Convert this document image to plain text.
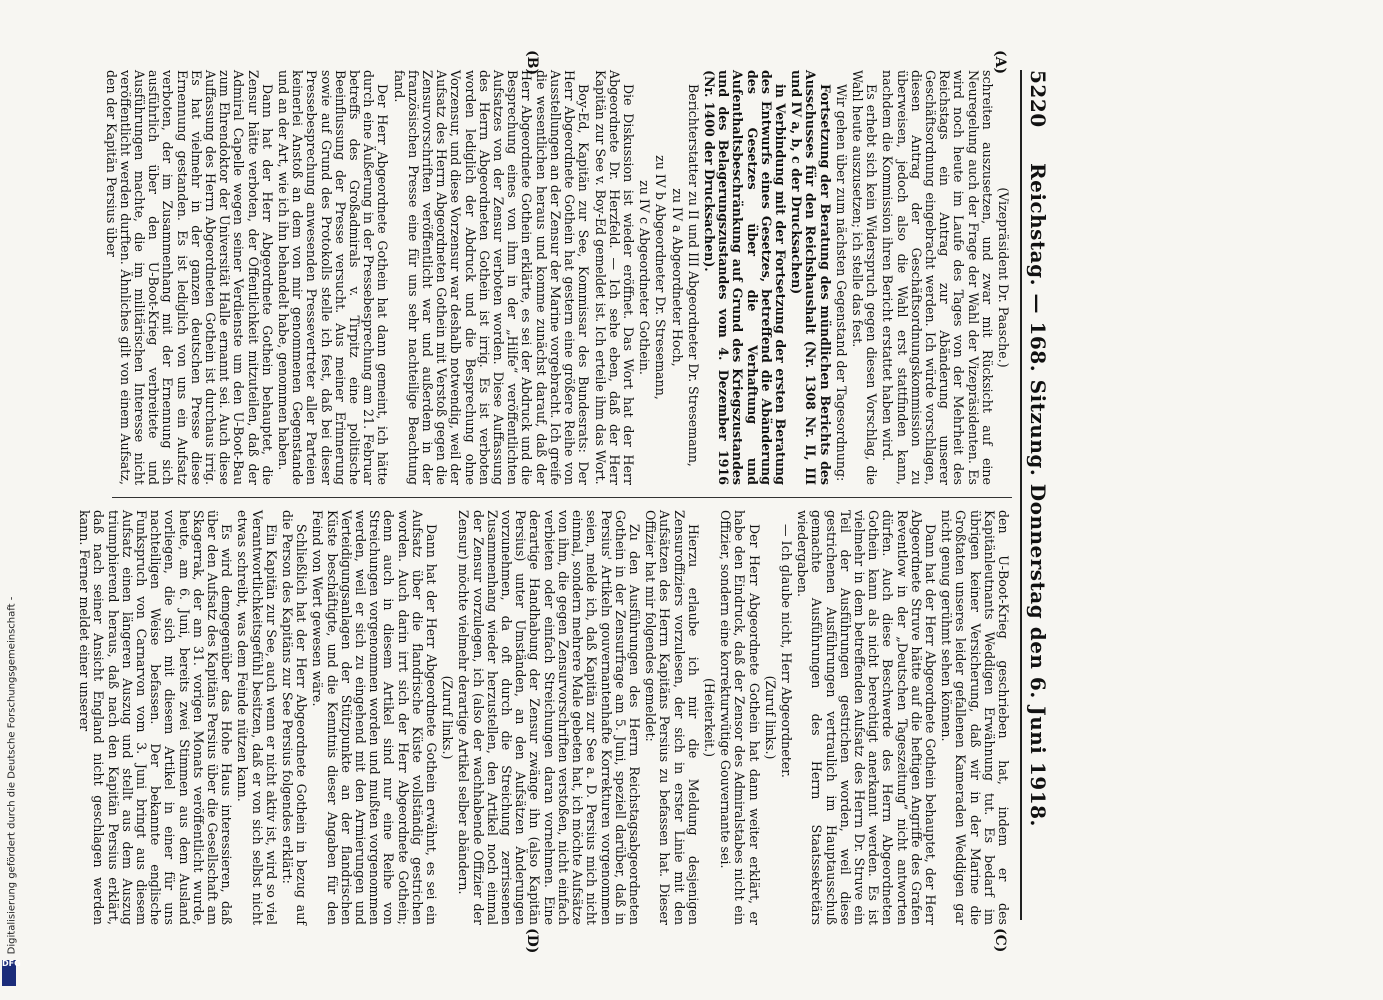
5220
Reichstag. — 168. Sitzung. Donnerstag den 6. Juni 1918.
(A)
(B)
(C)
(D)

(Vizepräsident Dr. Paasche.)

schreiten auszusetzen, und zwar mit Rücksicht auf eine Neuregelung auch der Frage der Wahl der Vizepräsidenten. Es wird noch heute im Laufe des Tages von der Mehrheit des Reichstags ein Antrag zur Abänderung unserer Geschäftsordnung eingebracht werden. Ich würde vorschlagen, diesen Antrag der Geschäftsordnungskommission zu überweisen, jedoch also die Wahl erst stattfinden kann, nachdem die Kommission ihren Bericht erstattet haben wird.

Es erhebt sich kein Widerspruch gegen diesen Vorschlag, die Wahl heute auszusetzen; ich stelle das fest.

Wir gehen über zum nächsten Gegenstand der Tagesordnung:

Fortsetzung der Beratung des mündlichen Berichts des Ausschusses für den Reichshaushalt (Nr. 1308 Nr. II, III und IV a, b, c der Drucksachen)

in Verbindung mit der Fortsetzung der ersten Beratung des Entwurfs eines Gesetzes, betreffend die Abänderung des Gesetzes über die Verhaftung und Aufenthaltsbeschränkung auf Grund des Kriegszustandes und des Belagerungszustandes vom 4. Dezember 1916 (Nr. 1400 der Drucksachen).

Berichterstatter zu II und III Abgeordneter Dr. Stresemann,

zu IV a Abgeordneter Hoch,

zu IV b Abgeordneter Dr. Stresemann,

zu IV c Abgeordneter Gothein.

Die Diskussion ist wieder eröffnet. Das Wort hat der Herr Abgeordnete Dr. Herzfeld. — Ich sehe eben, daß der Herr Kapitän zur See v. Boy-Ed gemeldet ist. Ich erteile ihm das Wort.

Boy-Ed, Kapitän zur See, Kommissar des Bundesrats: Der Herr Abgeordnete Gothein hat gestern eine größere Reihe von Ausstellungen an der Zensur der Marine vorgebracht. Ich greife die wesentlichen heraus und komme zunächst darauf, daß der Herr Abgeordnete Gothein erklärte, es sei der Abdruck und die Besprechung eines von ihm in der „Hilfe“ veröffentlichten Aufsatzes von der Zensur verboten worden. Diese Auffassung des Herrn Abgeordneten Gothein ist irrig. Es ist verboten worden lediglich der Abdruck und die Besprechung ohne Vorzensur, und diese Vorzensur war deshalb notwendig, weil der Aufsatz des Herrn Abgeordneten Gothein mit Verstoß gegen die Zensurvorschriften veröffentlicht war und außerdem in der französischen Presse eine für uns sehr nachteilige Beachtung fand.

Der Herr Abgeordnete Gothein hat dann gemeint, ich hätte durch eine Äußerung in der Pressebesprechung am 21. Februar betreffs des Großadmirals v. Tirpitz eine politische Beeinflussung der Presse versucht. Aus meiner Erinnerung sowie auf Grund des Protokolls stelle ich fest, daß bei dieser Pressebesprechung anwesenden Pressevertreter aller Parteien keinerlei Anstoß an dem von mir genommenen Gegenstande und an der Art, wie ich ihn behandelt habe, genommen haben.

Dann hat der Herr Abgeordnete Gothein behauptet, die Zensur hätte verboten, der Öffentlichkeit mitzuteilen, daß der Admiral Capelle wegen seiner Verdienste um den U-Boot-Bau zum Ehrendoktor der Universität Halle ernannt sei. Auch diese Auffassung des Herrn Abgeordneten Gothein ist durchaus irrig. Es hat vielmehr in der ganzen deutschen Presse diese Ernennung gestanden. Es ist lediglich von uns ein Aufsatz verboten, der im Zusammenhang mit der Ernennung sich ausführlich über den U-Boot-Krieg verbreitete und Ausführungen machte, die im militärischen Interesse nicht veröffentlicht werden durften. Ähnliches gilt von einem Aufsatz, den der Kapitän Persius über

den U-Boot-Krieg geschrieben hat, indem er des Kapitänleutnants Weddigen Erwähnung tut. Es bedarf im übrigen keiner Versicherung, daß wir in der Marine die Großtaten unseres leider gefallenen Kameraden Weddigen gar nicht genug gerühmt sehen können.

Dann hat der Herr Abgeordnete Gothein behauptet, der Herr Abgeordnete Struve hätte auf die heftigen Angriffe des Grafen Reventlow in der „Deutschen Tageszeitung“ nicht antworten dürfen. Auch diese Beschwerde des Herrn Abgeordneten Gothein kann als nicht berechtigt anerkannt werden. Es ist vielmehr in dem betreffenden Aufsatz des Herrn Dr. Struve ein Teil der Ausführungen gestrichen worden, weil diese gestrichenen Ausführungen vertraulich im Hauptausschuß gemachte Ausführungen des Herrn Staatssekretärs wiedergaben.

— Ich glaube nicht, Herr Abgeordneter.

(Zuruf links.)

Der Herr Abgeordnete Gothein hat dann weiter erklärt, er habe den Eindruck, daß der Zensor des Admiralstabes nicht ein Offizier, sondern eine korrekturwütige Gouvernante sei.

(Heiterkeit.)

Hierzu erlaube ich mir die Meldung desjenigen Zensuroffiziers vorzulesen, der sich in erster Linie mit den Aufsätzen des Herrn Kapitäns Persius zu befassen hat. Dieser Offizier hat mir folgendes gemeldet:

Zu den Ausführungen des Herrn Reichstagsabgeordneten Gothein in der Zensurfrage am 5. Juni, speziell darüber, daß in Persius' Artikeln gouvernantenhafte Korrekturen vorgenommen seien, melde ich, daß Kapitän zur See a. D. Persius mich nicht einmal, sondern mehrere Male gebeten hat, ich möchte Aufsätze von ihm, die gegen Zensurvorschriften verstoßen, nicht einfach verbieten oder einfach Streichungen daran vornehmen. Eine derartige Handhabung der Zensur zwänge ihn (also Kapitän Persius) unter Umständen, an den Aufsätzen Änderungen vorzunehmen, da oft durch die Streichung zerrissenen Zusammenhang wieder herzustellen, den Artikel noch einmal der Zensur vorzulegen, ich (also der wachhabende Offizier der Zensur) möchte vielmehr derartige Artikel selber abändern.

(Zuruf links.)

Dann hat der Herr Abgeordnete Gothein erwähnt, es sei ein Aufsatz über die flandrische Küste vollständig gestrichen worden. Auch darin irrt sich der Herr Abgeordnete Gothein; denn auch in diesem Artikel sind nur eine Reihe von Streichungen vorgenommen worden und mußten vorgenommen werden, weil er sich zu eingehend mit den Armierungen und Verteidigungsanlagen der Stützpunkte an der flandrischen Küste beschäftigte, und die Kenntnis dieser Angaben für den Feind von Wert gewesen wäre.

Schließlich hat der Herr Abgeordnete Gothein in bezug auf die Person des Kapitäns zur See Persius folgendes erklärt:

Ein Kapitän zur See, auch wenn er nicht aktiv ist, wird so viel Verantwortlichkeitsgefühl besitzen, daß er von sich selbst nicht etwas schreibt, was dem Feinde nützen kann.

Es wird demgegenüber das Hohe Haus interessieren, daß über den Aufsatz des Kapitäns Persius über die Gesellschaft am Skagerrak, der am 31. vorigen Monats veröffentlicht wurde, heute, am 6. Juni, bereits zwei Stimmen aus dem Ausland vorliegen, die sich mit diesem Artikel in einer für uns nachteiligen Weise befassen. Der bekannte englische Funkspruch von Carnarvon vom 3. Juni bringt aus diesem Aufsatz einen längeren Auszug und stellt aus dem Auszug triumphierend heraus, daß nach den Kapitän Persius erklärt, daß nach seiner Ansicht England nicht geschlagen werden kann. Ferner meldet einer unserer

Digitalisierung gefördert durch die Deutsche Forschungsgemeinschaft -
DFG
